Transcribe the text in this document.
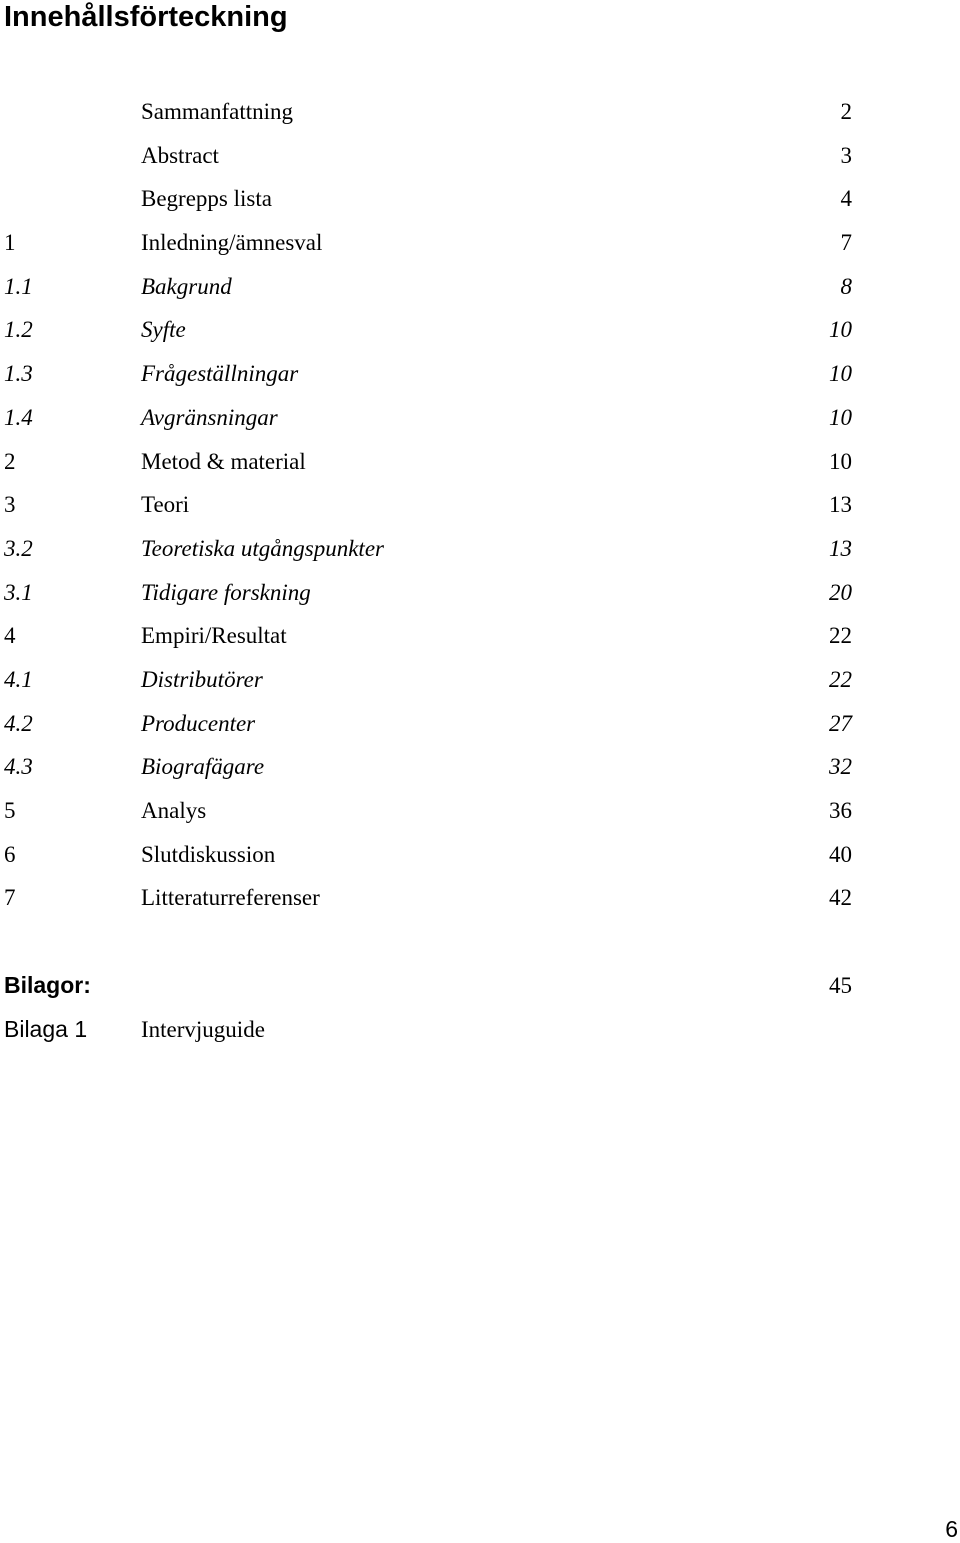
Innehållsförteckning
Sammanfattning	2
Abstract	3
Begrepps lista	4
1	Inledning/ämnesval	7
1.1	Bakgrund	8
1.2	Syfte	10
1.3	Frågeställningar	10
1.4	Avgränsningar	10
2	Metod & material	10
3	Teori	13
3.2	Teoretiska utgångspunkter	13
3.1	Tidigare forskning	20
4	Empiri/Resultat	22
4.1	Distributörer	22
4.2	Producenter	27
4.3	Biografägare	32
5	Analys	36
6	Slutdiskussion	40
7	Litteraturreferenser	42
Bilagor:	45
Bilaga 1 Intervjuguide
6
